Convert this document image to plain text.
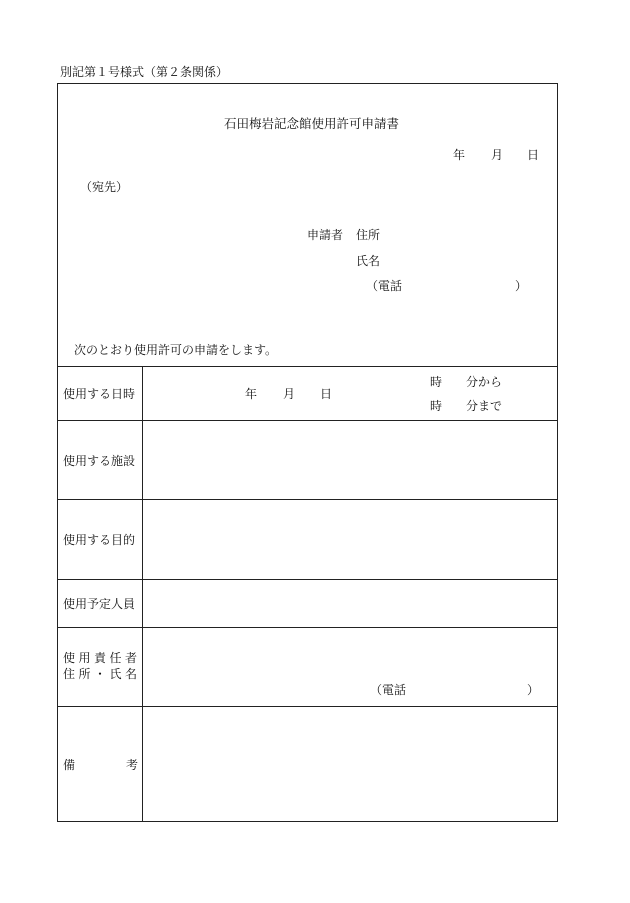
別記第１号様式（第２条関係）
石田梅岩記念館使用許可申請書
年 月 日
（宛先）
申請者 住所
氏名
（電話	）
次のとおり使用許可の申請をします。
使用する日時	年 月 日
時 分から
時 分まで
使用する施設
使用する目的
使用予定人員
使用責任者
住所・氏名
（電話	）
備	考
